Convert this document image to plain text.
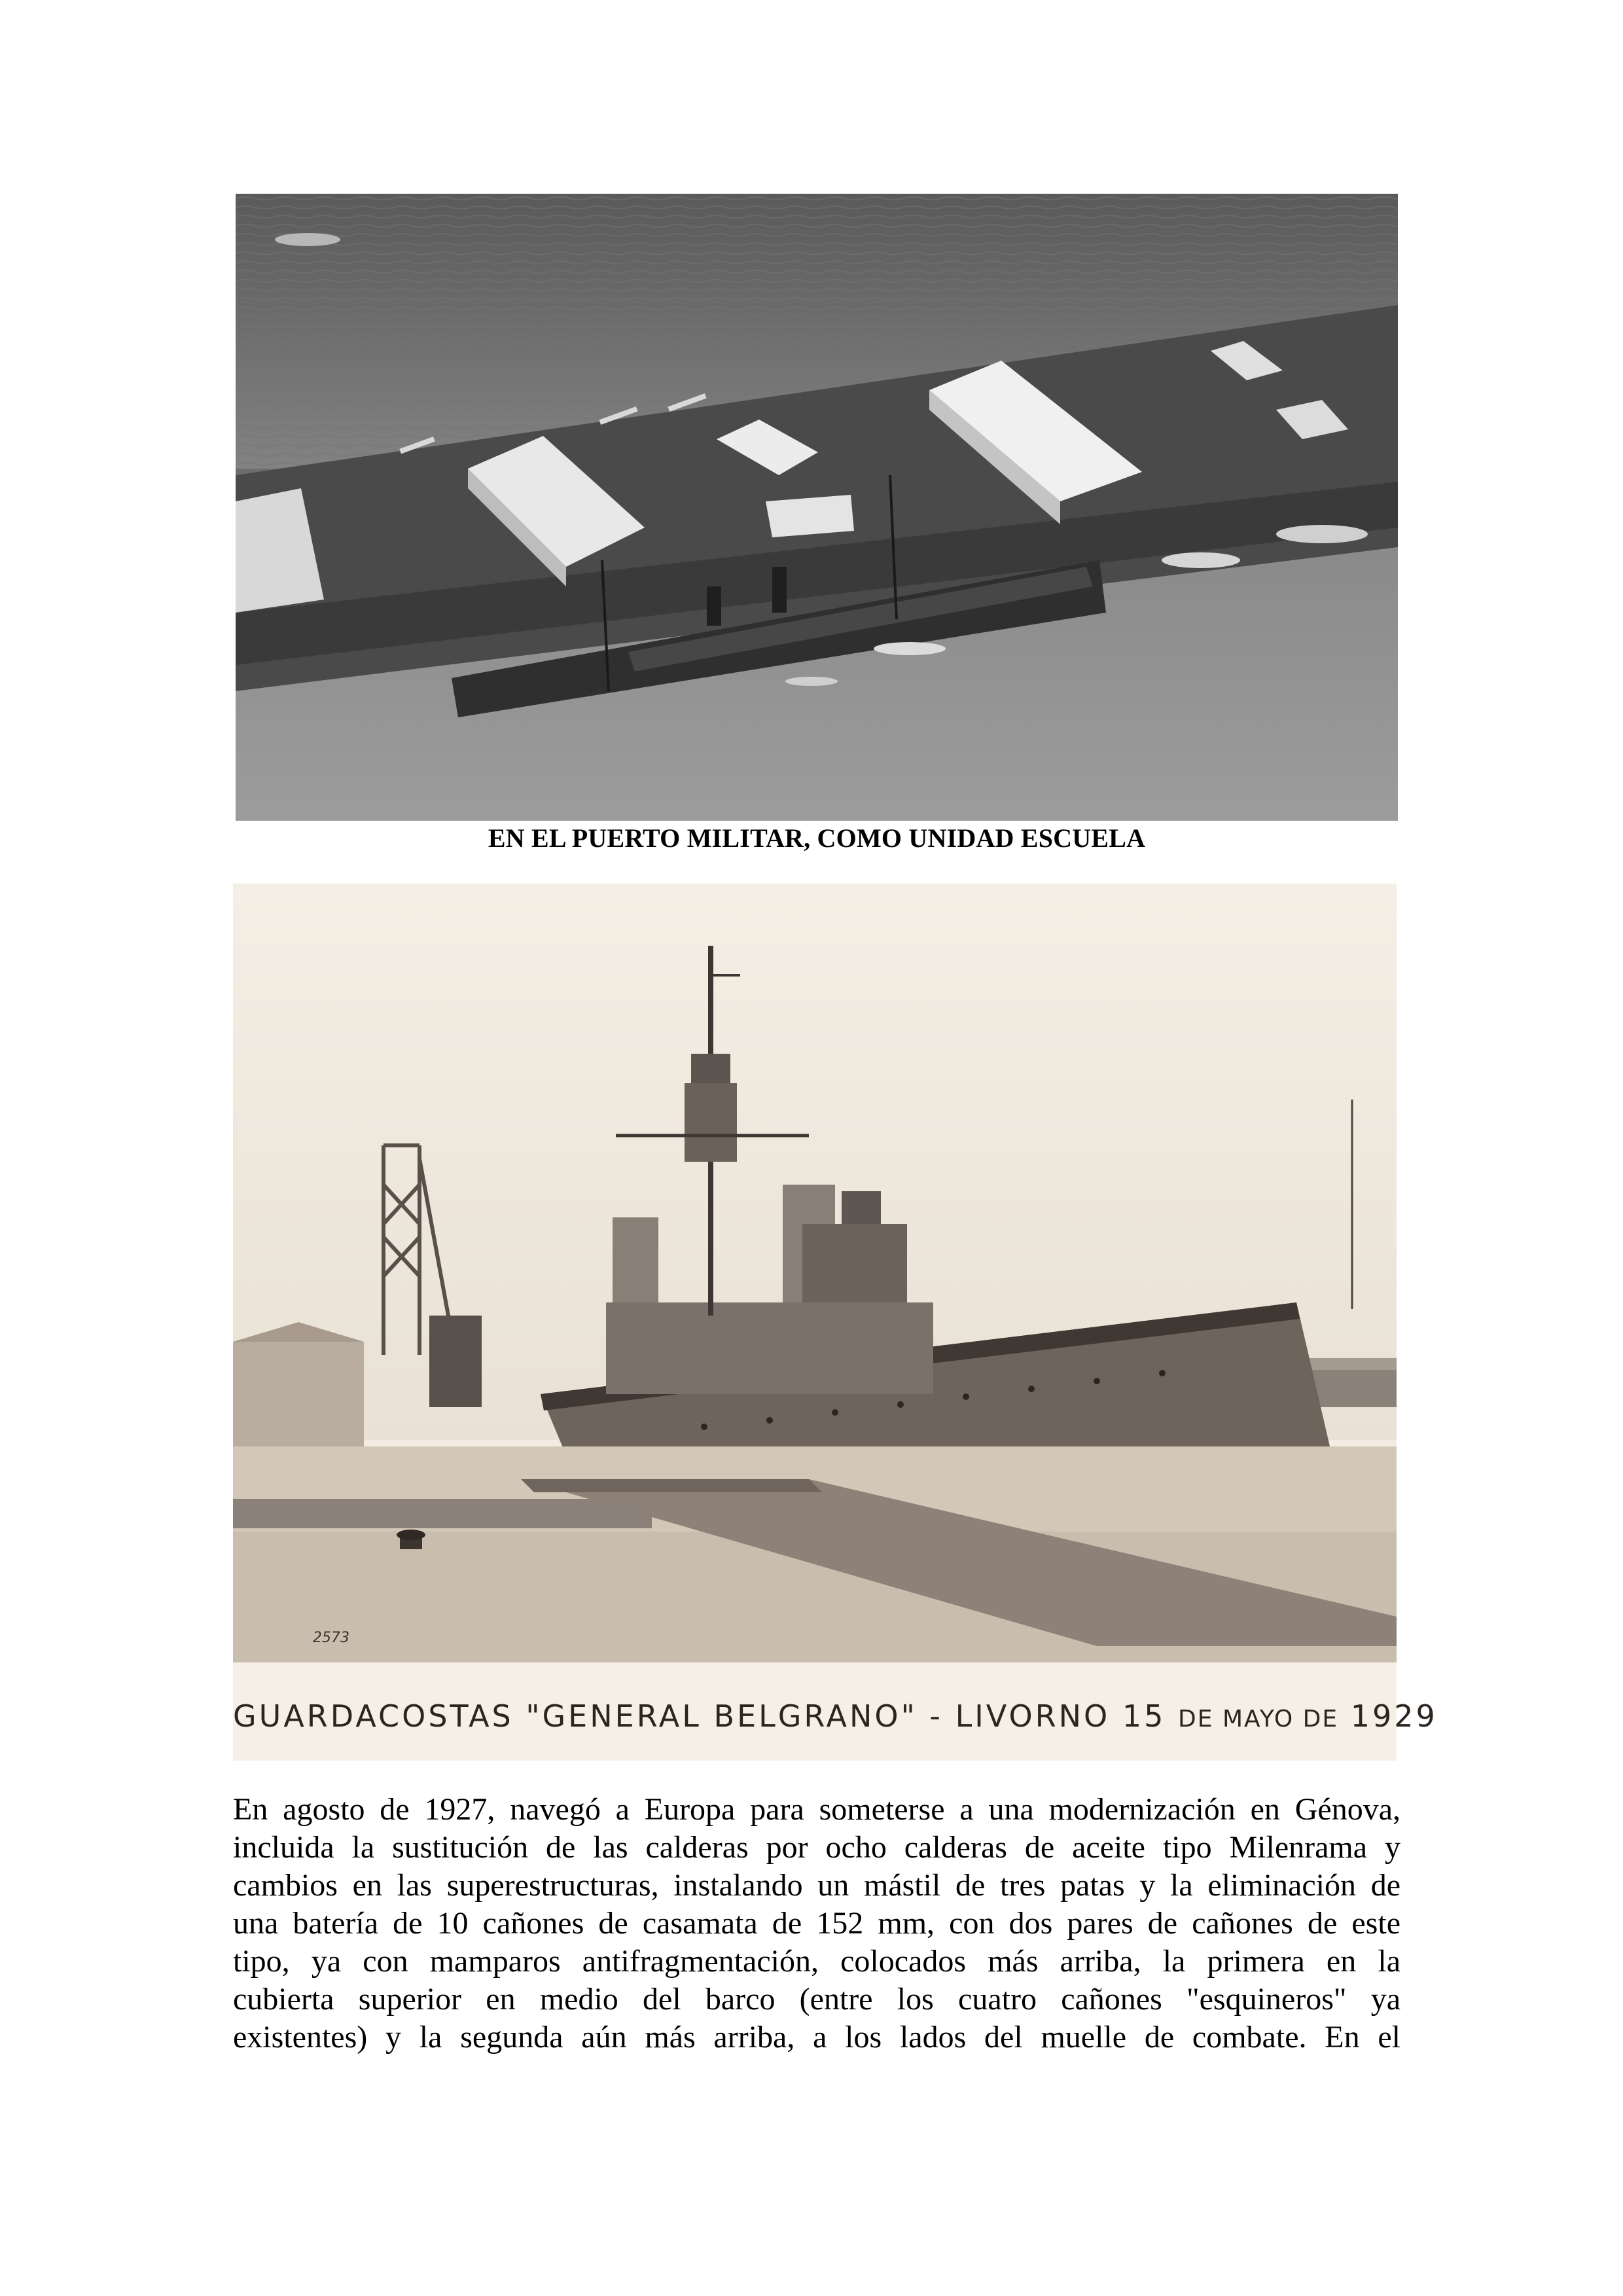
EN EL PUERTO MILITAR, COMO UNIDAD ESCUELA
2573
GUARDACOSTAS "GENERAL BELGRANO" - LIVORNO 15 DE MAYO DE 1929
En agosto de 1927, navegó a Europa para someterse a una modernización en Génova,
incluida la sustitución de las calderas por ocho calderas de aceite tipo Milenrama y
cambios en las superestructuras, instalando un mástil de tres patas y la eliminación de
una batería de 10 cañones de casamata de 152 mm, con dos pares de cañones de este
tipo, ya con mamparos antifragmentación, colocados más arriba, la primera en la
cubierta superior en medio del barco (entre los cuatro cañones "esquineros" ya
existentes) y la segunda aún más arriba, a los lados del muelle de combate. En el
